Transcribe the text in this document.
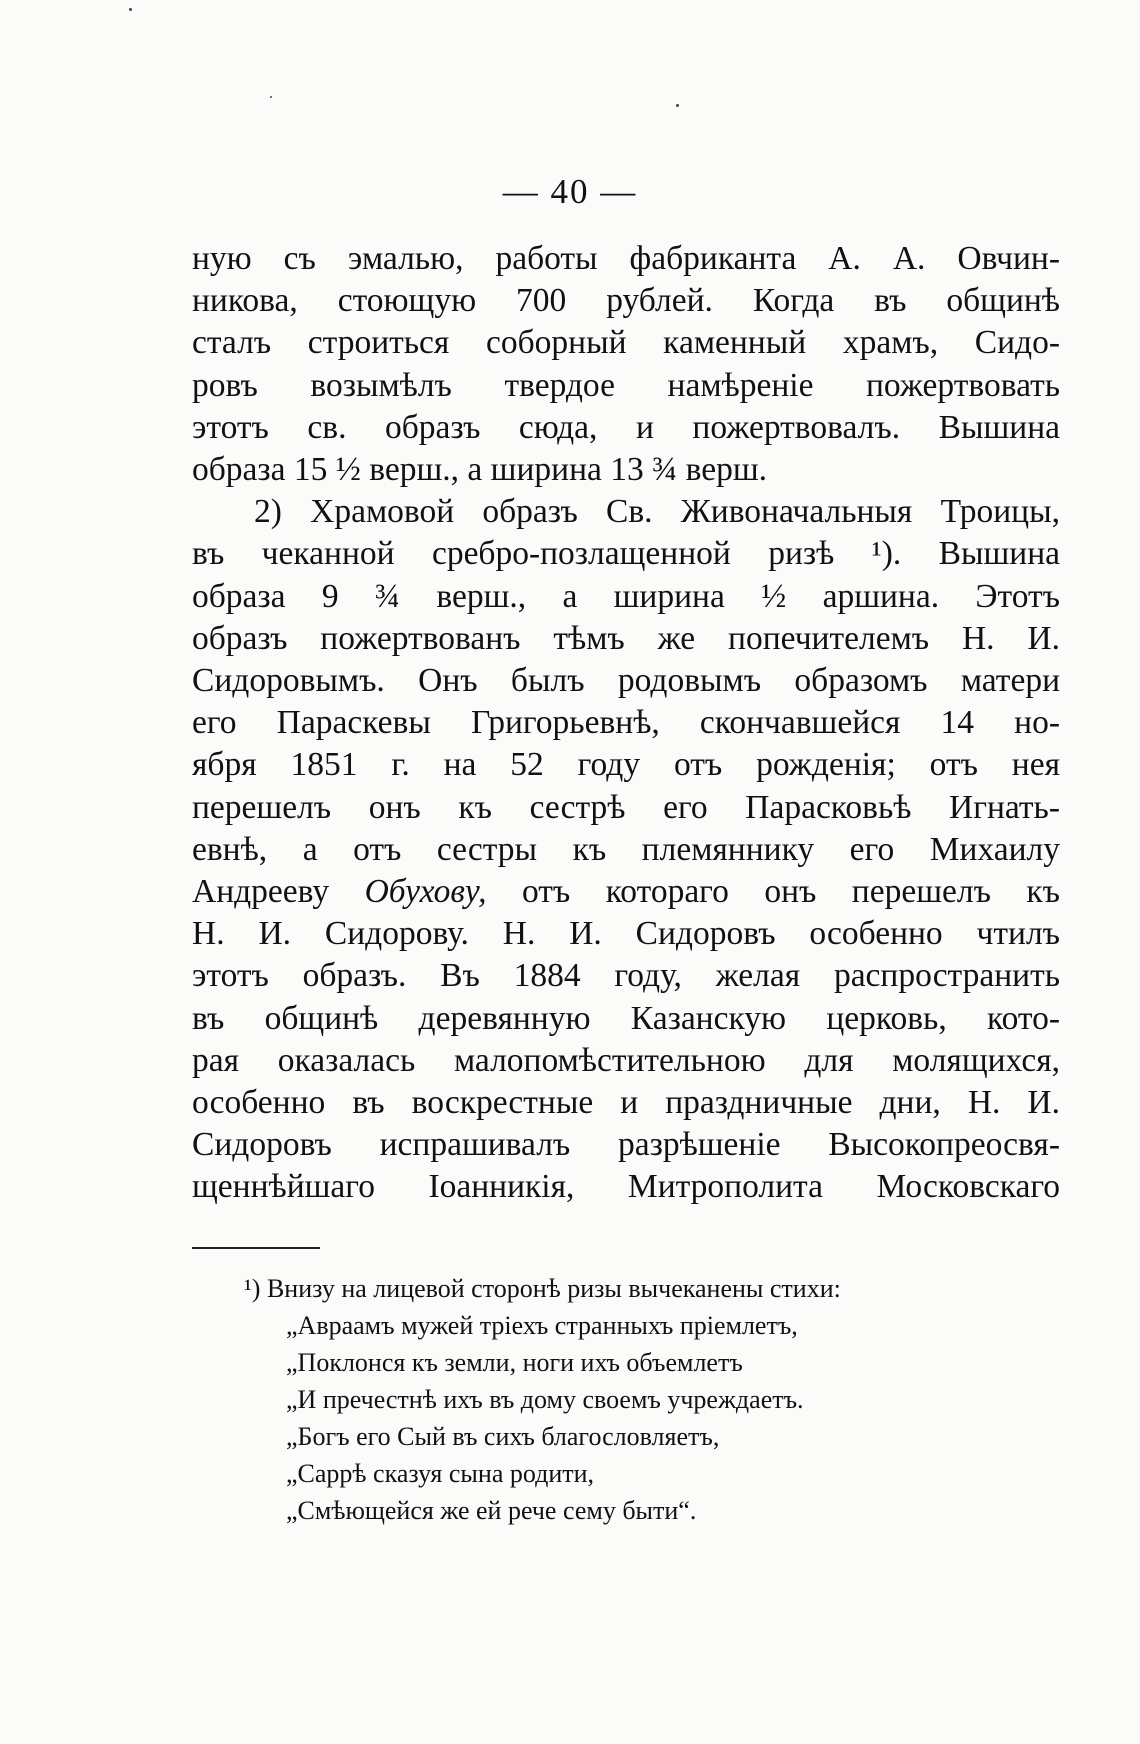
— 40 —
ную съ эмалью, работы фабриканта А. А. Овчин-
никова, стоющую 700 рублей. Когда въ общинѣ
сталъ строиться соборный каменный храмъ, Сидо-
ровъ возымѣлъ твердое намѣреніе пожертвовать
этотъ св. образъ сюда, и пожертвовалъ. Вышина
образа 15 ½ верш., а ширина 13 ¾ верш.
2) Храмовой образъ Св. Живоначальныя Троицы,
въ чеканной сребро-позлащенной ризѣ ¹). Вышина
образа 9 ¾ верш., а ширина ½ аршина. Этотъ
образъ пожертвованъ тѣмъ же попечителемъ Н. И.
Сидоровымъ. Онъ былъ родовымъ образомъ матери
его Параскевы Григорьевнѣ, скончавшейся 14 но-
ября 1851 г. на 52 году отъ рожденія; отъ нея
перешелъ онъ къ сестрѣ его Парасковьѣ Игнать-
евнѣ, а отъ сестры къ племяннику его Михаилу
Андрееву Обухову, отъ котораго онъ перешелъ къ
Н. И. Сидорову. Н. И. Сидоровъ особенно чтилъ
этотъ образъ. Въ 1884 году, желая распространить
въ общинѣ деревянную Казанскую церковь, кото-
рая оказалась малопомѣстительною для молящихся,
особенно въ воскрестные и праздничные дни, Н. И.
Сидоровъ испрашивалъ разрѣшеніе Высокопреосвя-
щеннѣйшаго Іоанникія, Митрополита Московскаго
¹) Внизу на лицевой сторонѣ ризы вычеканены стихи:
„Авраамъ мужей тріехъ странныхъ пріемлетъ,
„Поклонся къ земли, ноги ихъ объемлетъ
„И пречестнѣ ихъ въ дому своемъ учреждаетъ.
„Богъ его Сый въ сихъ благословляетъ,
„Саррѣ сказуя сына родити,
„Смѣющейся же ей рече сему быти“.
